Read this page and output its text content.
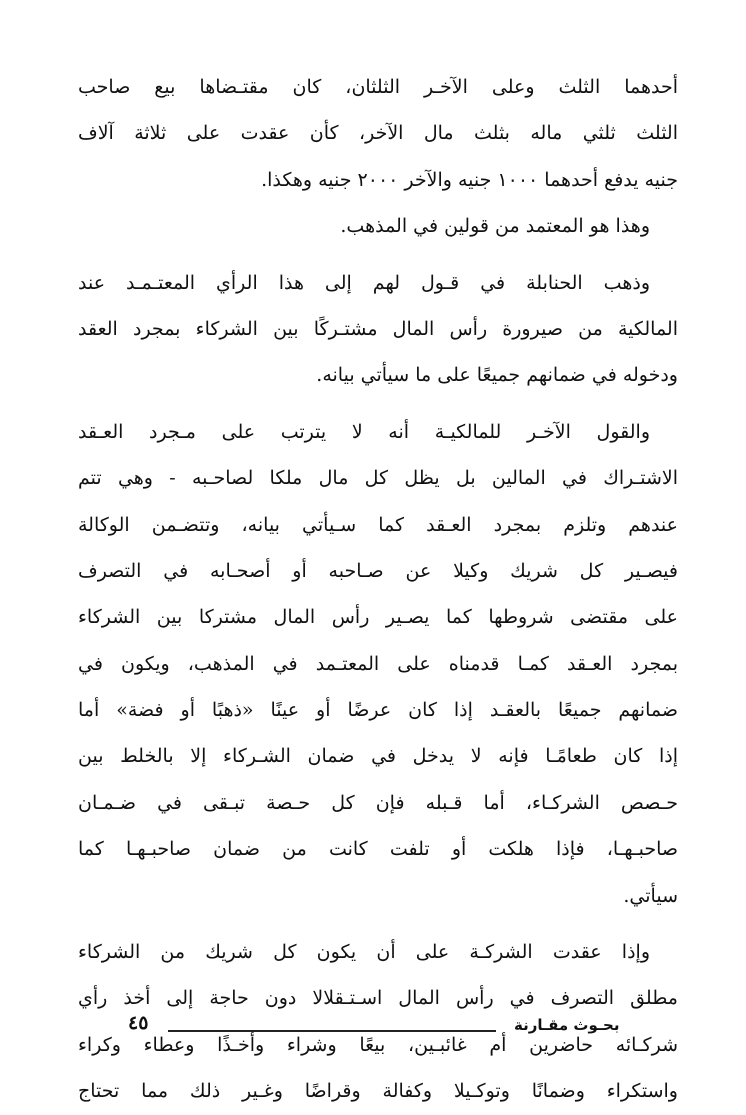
أحدهما الثلث وعلى الآخـر الثلثان، كان مقتـضاها بيع صاحب
الثلث ثلثي ماله بثلث مال الآخر، كأن عقدت على ثلاثة آلاف
جنيه يدفع أحدهما ١٠٠٠ جنيه والآخر ٢٠٠٠ جنيه وهكذا.

وهذا هو المعتمد من قولين في المذهب.

وذهب الحنابلة في قـول لهم إلى هذا الرأي المعتـمـد عند
المالكية من صيرورة رأس المال مشتـركًا بين الشركاء بمجرد العقد
ودخوله في ضمانهم جميعًا على ما سيأتي بيانه.

والقول الآخـر للمالكيـة أنه لا يترتب على مـجرد العـقد
الاشتـراك في المالين بل يظل كل مال ملكا لصاحـبه - وهي تتم
عندهم وتلزم بمجرد العـقد كما سـيأتي بيانه، وتتضـمن الوكالة
فيصـير كل شريك وكيلا عن صـاحبه أو أصحـابه في التصرف
على مقتضى شروطها كما يصـير رأس المال مشتركا بين الشركاء
بمجرد العـقد كمـا قدمناه على المعتـمد في المذهب، ويكون في
ضمانهم جميعًا بالعقـد إذا كان عرضًا أو عينًا «ذهبًا أو فضة» أما
إذا كان طعامًـا فإنه لا يدخل في ضمان الشـركاء إلا بالخلط بين
حـصص الشركـاء، أما قـبله فإن كل حـصة تبـقى في ضـمـان
صاحبـهـا، فإذا هلكت أو تلفت كانت من ضمان صاحبـهـا كما
سيأتي.

وإذا عقدت الشركـة على أن يكون كل شريك من الشركاء
مطلق التصرف في رأس المال اسـتـقلالا دون حاجة إلى أخذ رأي
شركـائه حاضرين أم غائبـين، بيعًا وشراء وأخـذًا وعطاء وكراء
واستكراء وضمانًا وتوكـيلا وكفالة وقراضًا وغـير ذلك مما تحتاج

٤٥	بحـوث مقـارنة
